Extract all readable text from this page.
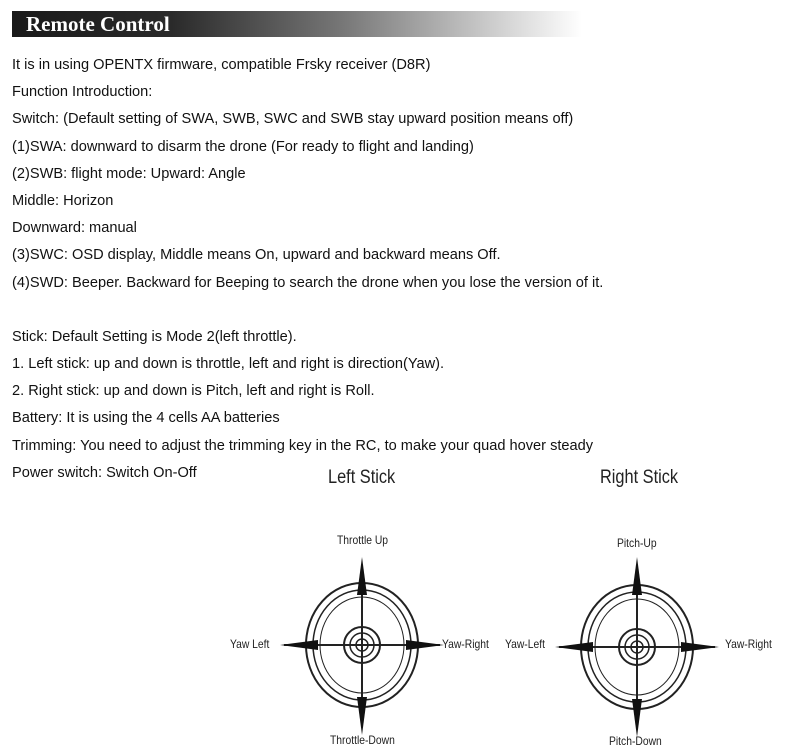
Remote Control
It is in using OPENTX firmware, compatible Frsky receiver (D8R)
Function Introduction:
Switch: (Default setting of SWA, SWB, SWC and SWB stay upward position means off)
(1)SWA: downward to disarm the drone (For ready to flight and landing)
(2)SWB: flight mode: Upward: Angle
Middle: Horizon
Downward: manual
(3)SWC: OSD display, Middle means On, upward and backward means Off.
(4)SWD: Beeper. Backward for Beeping to search the drone when you lose the version of it.
Stick: Default Setting is Mode 2(left throttle).
1. Left stick: up and down is throttle, left and right is direction(Yaw).
2. Right stick: up and down is Pitch, left and right is Roll.
Battery: It is using the 4 cells AA batteries
Trimming: You need to adjust the trimming key in the RC, to make your quad hover steady
Power switch: Switch On-Off	Left Stick	Right Stick
Throttle Up
Throttle-Down
Yaw Left	Yaw-Right
Pitch-Up
Pitch-Down
Yaw-Left	Yaw-Right
